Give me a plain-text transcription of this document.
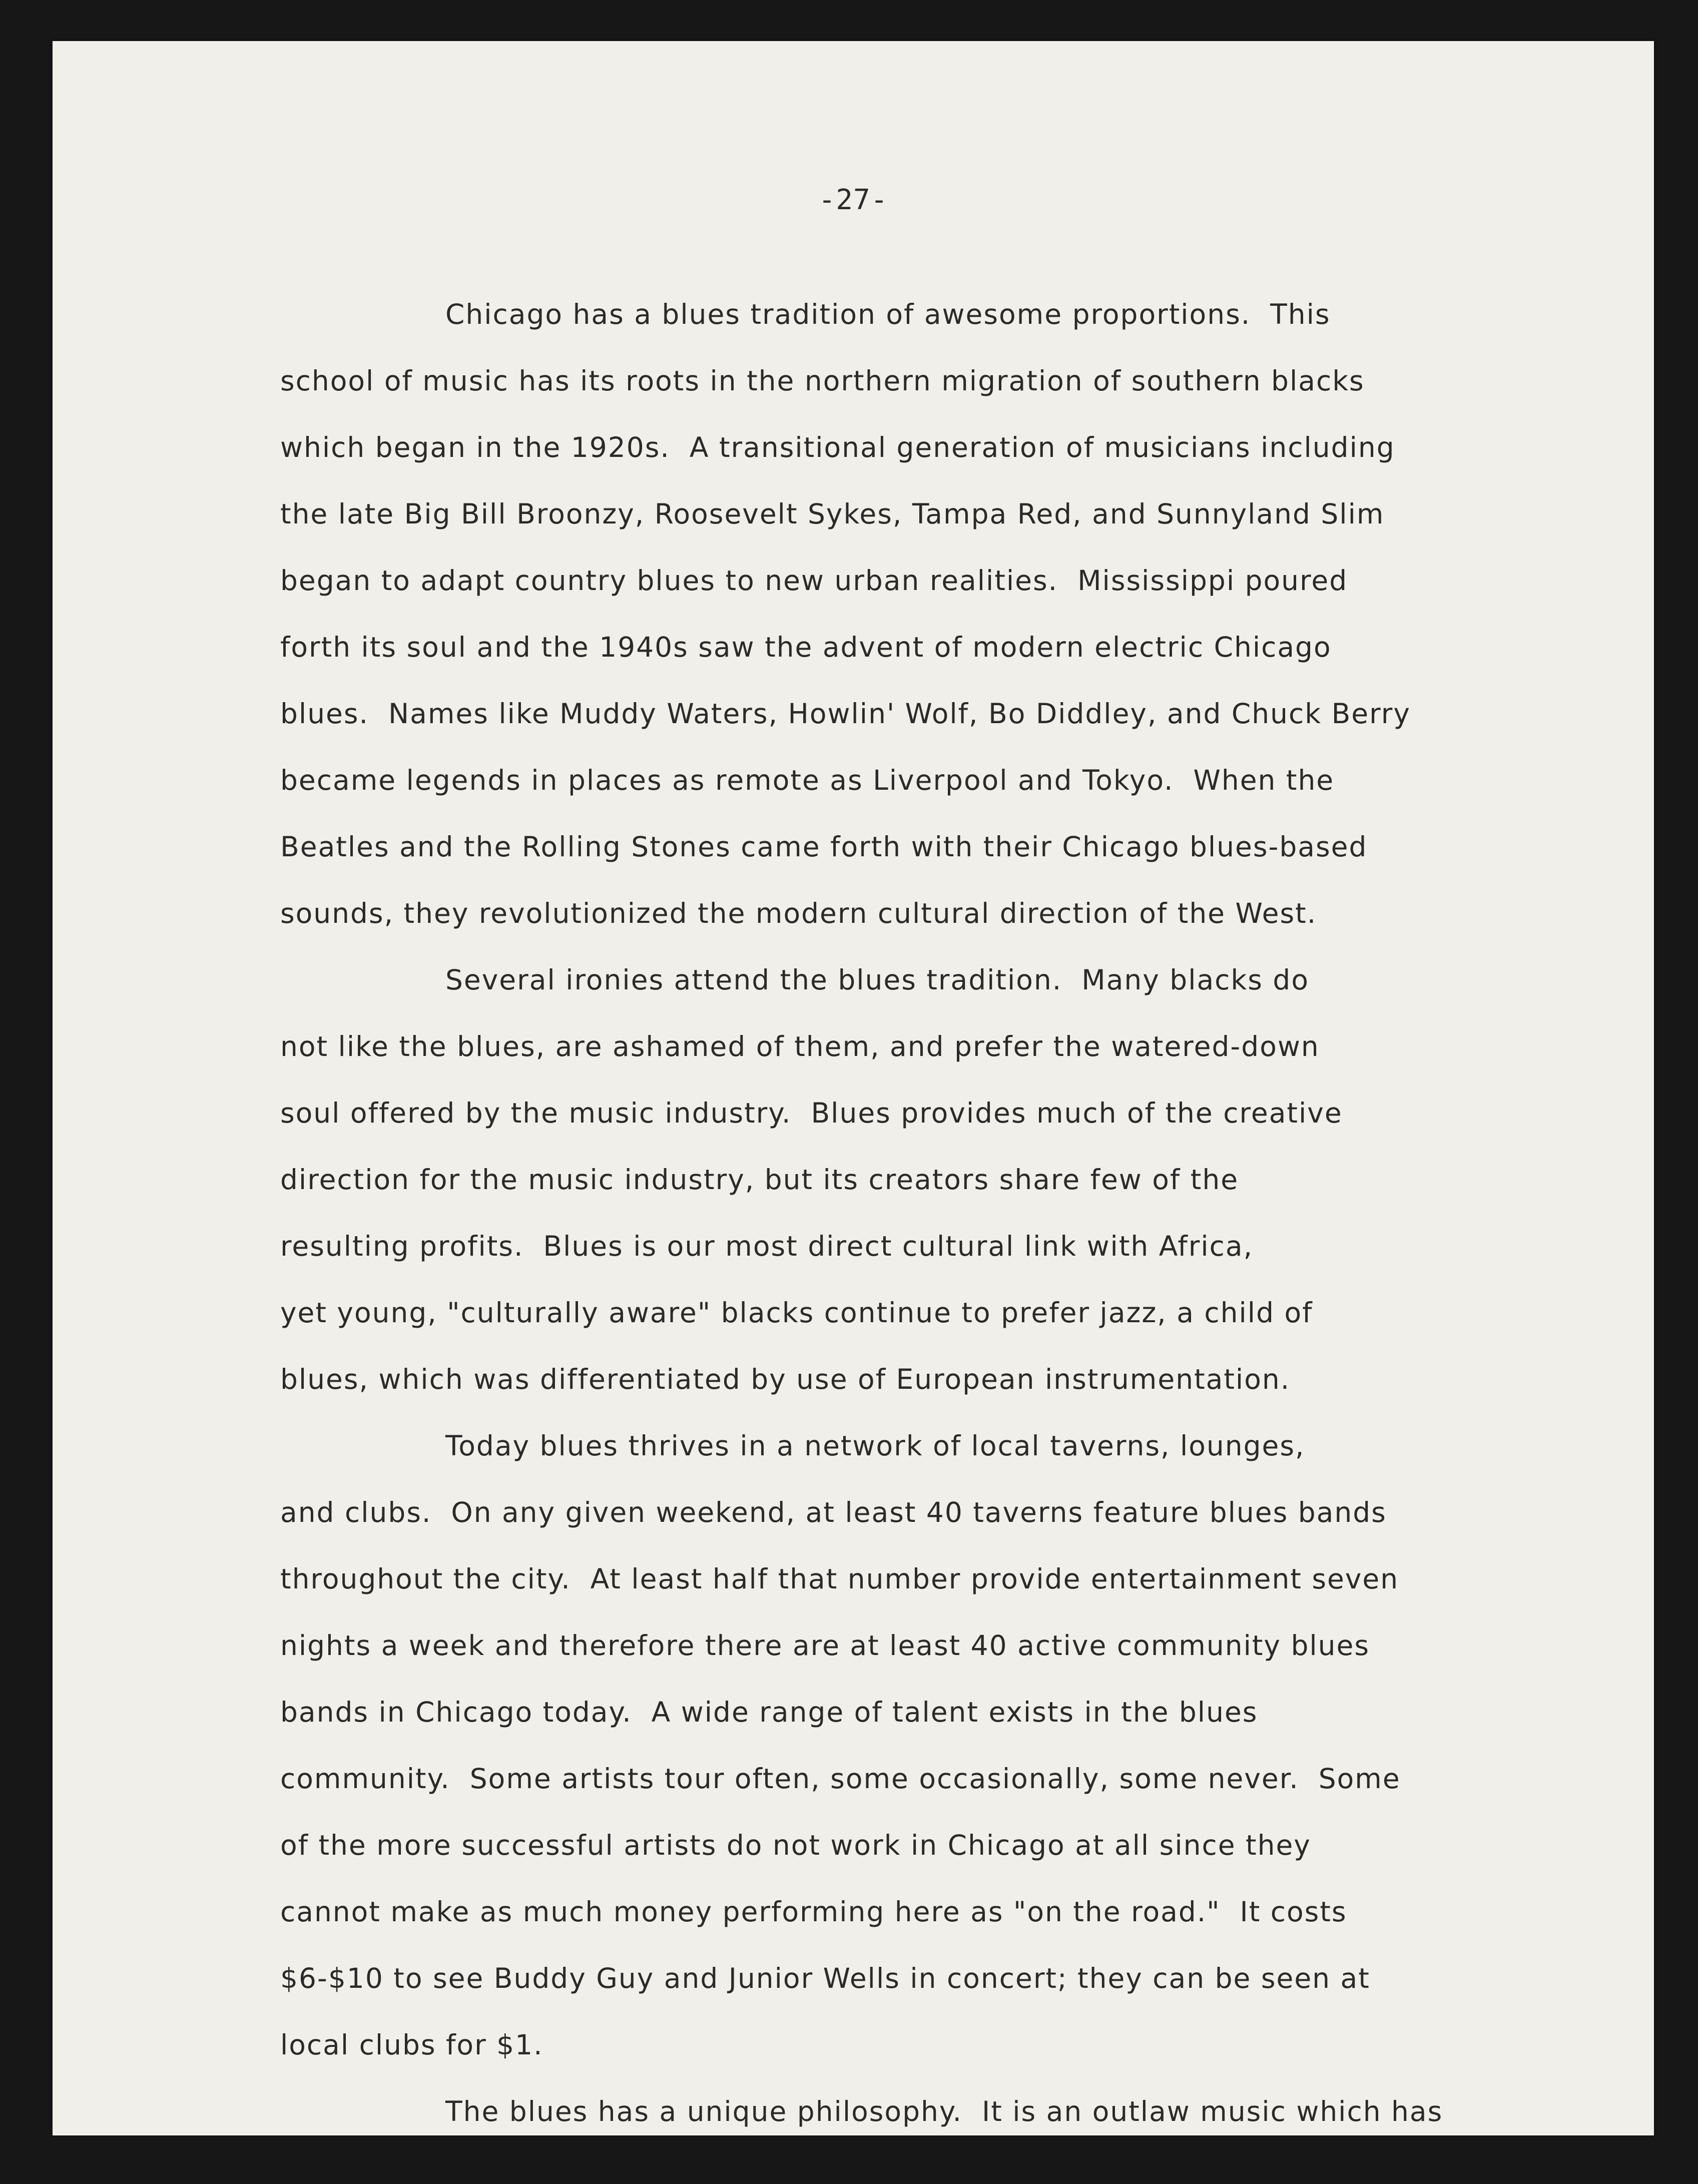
-27-
Chicago has a blues tradition of awesome proportions.  This
school of music has its roots in the northern migration of southern blacks
which began in the 1920s.  A transitional generation of musicians including
the late Big Bill Broonzy, Roosevelt Sykes, Tampa Red, and Sunnyland Slim
began to adapt country blues to new urban realities.  Mississippi poured
forth its soul and the 1940s saw the advent of modern electric Chicago
blues.  Names like Muddy Waters, Howlin' Wolf, Bo Diddley, and Chuck Berry
became legends in places as remote as Liverpool and Tokyo.  When the
Beatles and the Rolling Stones came forth with their Chicago blues-based
sounds, they revolutionized the modern cultural direction of the West.
Several ironies attend the blues tradition.  Many blacks do
not like the blues, are ashamed of them, and prefer the watered-down
soul offered by the music industry.  Blues provides much of the creative
direction for the music industry, but its creators share few of the
resulting profits.  Blues is our most direct cultural link with Africa,
yet young, "culturally aware" blacks continue to prefer jazz, a child of
blues, which was differentiated by use of European instrumentation.
Today blues thrives in a network of local taverns, lounges,
and clubs.  On any given weekend, at least 40 taverns feature blues bands
throughout the city.  At least half that number provide entertainment seven
nights a week and therefore there are at least 40 active community blues
bands in Chicago today.  A wide range of talent exists in the blues
community.  Some artists tour often, some occasionally, some never.  Some
of the more successful artists do not work in Chicago at all since they
cannot make as much money performing here as "on the road."  It costs
$6-$10 to see Buddy Guy and Junior Wells in concert; they can be seen at
local clubs for $1.
The blues has a unique philosophy.  It is an outlaw music which has
